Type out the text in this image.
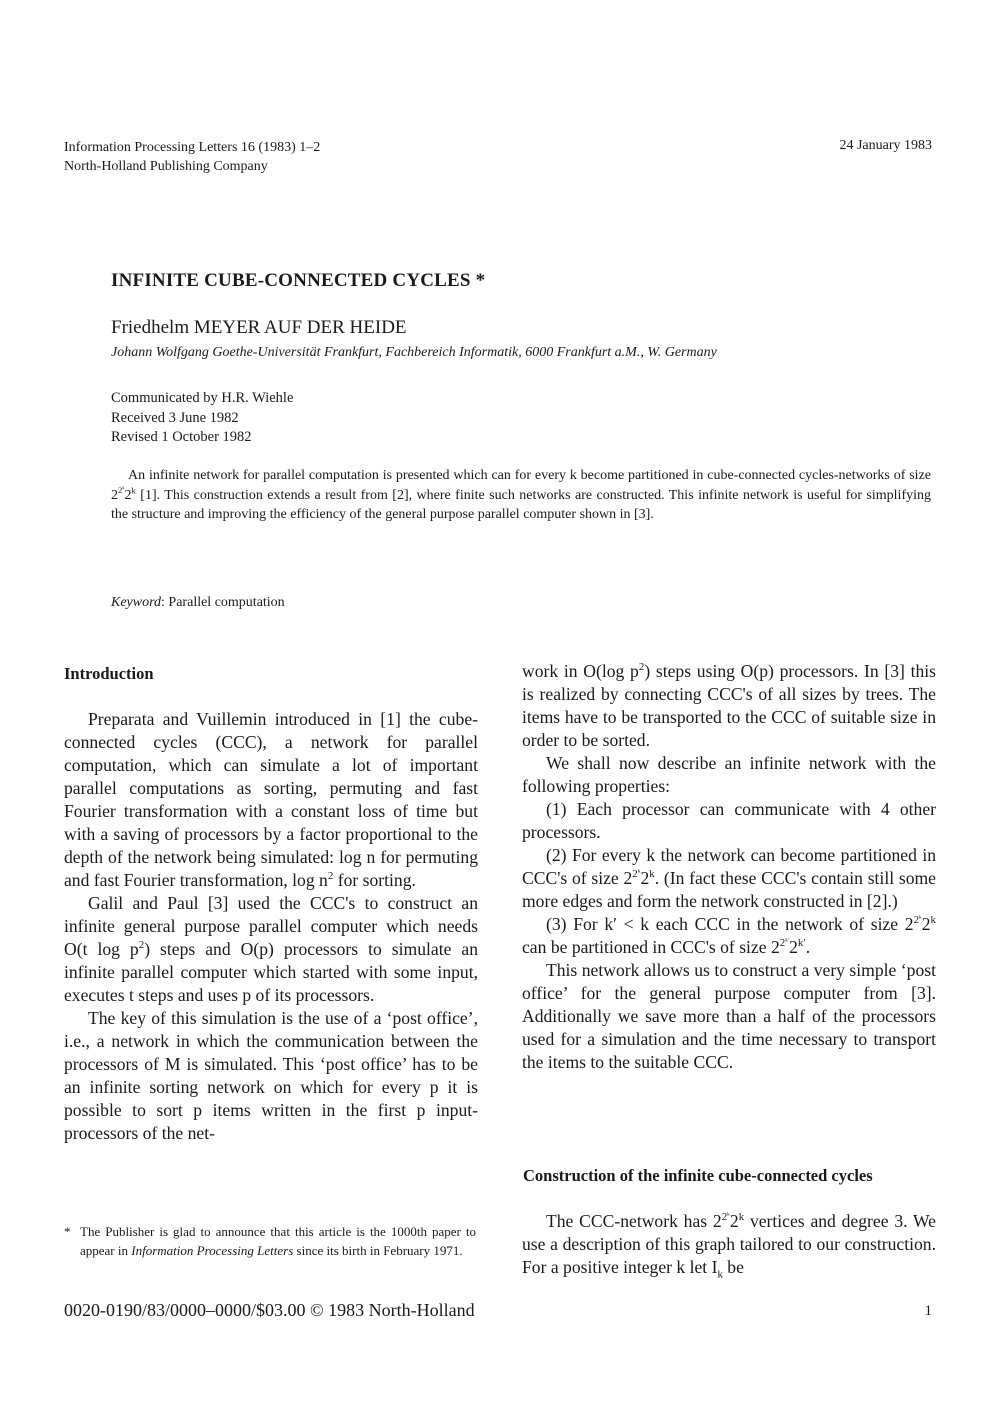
Information Processing Letters 16 (1983) 1–2
North-Holland Publishing Company
24 January 1983
INFINITE CUBE-CONNECTED CYCLES *
Friedhelm MEYER AUF DER HEIDE
Johann Wolfgang Goethe-Universität Frankfurt, Fachbereich Informatik, 6000 Frankfurt a.M., W. Germany
Communicated by H.R. Wiehle
Received 3 June 1982
Revised 1 October 1982
An infinite network for parallel computation is presented which can for every k become partitioned in cube-connected cycles-networks of size $2^{2^k}2^k$ [1]. This construction extends a result from [2], where finite such networks are constructed. This infinite network is useful for simplifying the structure and improving the efficiency of the general purpose parallel computer shown in [3].
Keyword: Parallel computation
Introduction

Preparata and Vuillemin introduced in [1] the cube-connected cycles (CCC), a network for parallel computation, which can simulate a lot of important parallel computations as sorting, permuting and fast Fourier transformation with a constant loss of time but with a saving of processors by a factor proportional to the depth of the network being simulated: log n for permuting and fast Fourier transformation, $\log n^2$ for sorting.

Galil and Paul [3] used the CCC's to construct an infinite general purpose parallel computer which needs O(t $\log p^2$) steps and O(p) processors to simulate an infinite parallel computer which started with some input, executes t steps and uses p of its processors.

The key of this simulation is the use of a ‘post office’, i.e., a network in which the communication between the processors of M is simulated. This ‘post office’ has to be an infinite sorting network on which for every p it is possible to sort p items written in the first p input-processors of the net-

work in O(log $p^2$) steps using O(p) processors. In [3] this is realized by connecting CCC's of all sizes by trees. The items have to be transported to the CCC of suitable size in order to be sorted.

We shall now describe an infinite network with the following properties:

(1) Each processor can communicate with 4 other processors.

(2) For every k the network can become partitioned in CCC's of size $2^{2^k}2^k$. (In fact these CCC's contain still some more edges and form the network constructed in [2].)

(3) For k′ < k each CCC in the network of size $2^{2^k}2^k$ can be partitioned in CCC's of size $2^{2^{k'}}2^{k'}$.

This network allows us to construct a very simple ‘post office’ for the general purpose computer from [3]. Additionally we save more than a half of the processors used for a simulation and the time necessary to transport the items to the suitable CCC.

Construction of the infinite cube-connected cycles

The CCC-network has $2^{2^k}2^k$ vertices and degree 3. We use a description of this graph tailored to our construction. For a positive integer k let $I_k$ be

* The Publisher is glad to announce that this article is the 1000th paper to appear in Information Processing Letters since its birth in February 1971.
0020-0190/83/0000–0000/$03.00 © 1983 North-Holland	1
